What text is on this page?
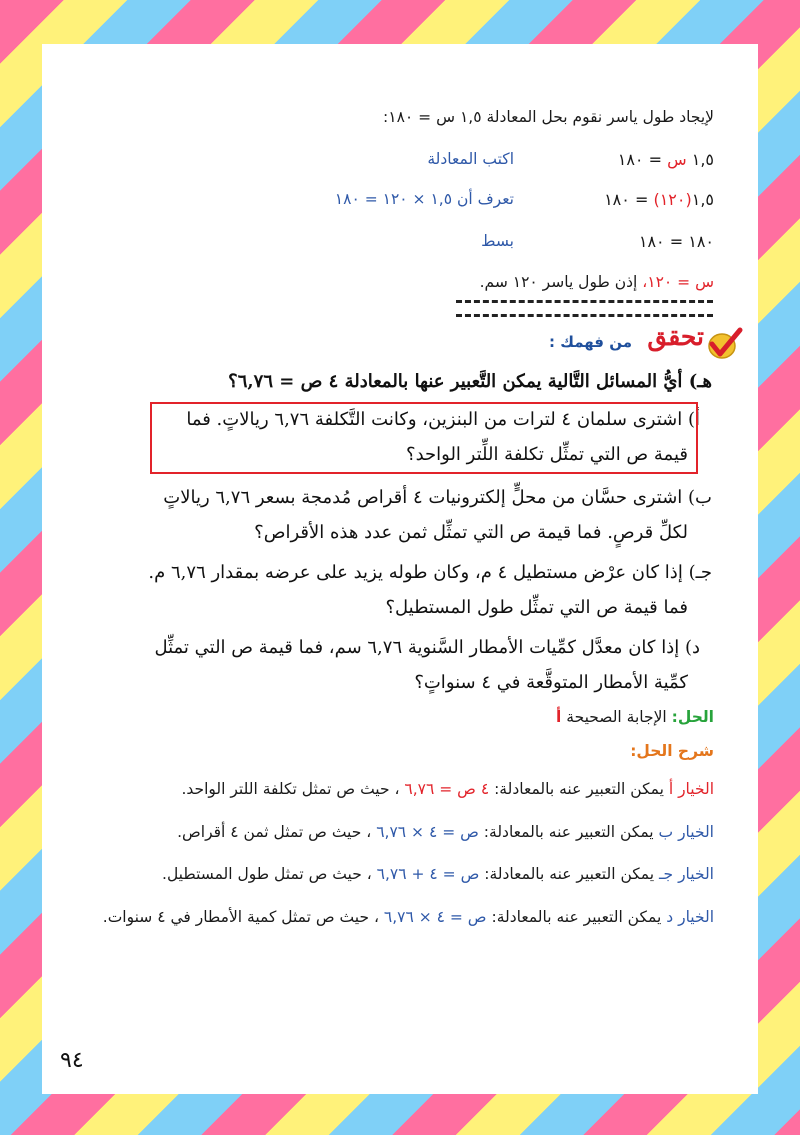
لإيجاد طول ياسر نقوم بحل المعادلة ١,٥ س = ١٨٠:
١,٥ س = ١٨٠
اكتب المعادلة
١,٥(١٢٠) = ١٨٠
تعرف أن ١,٥ × ١٢٠ = ١٨٠
١٨٠ = ١٨٠
بسط
س = ١٢٠، إذن طول ياسر ١٢٠ سم.
تحقق
من فهمك :
هـ) أيُّ المسائل التَّالية يمكن التَّعبير عنها بالمعادلة ٤ ص = ٦,٧٦؟
أ) اشترى سلمان ٤ لترات من البنزين، وكانت التَّكلفة ٦,٧٦ ريالاتٍ. فما
قيمة ص التي تمثِّل تكلفة اللِّتر الواحد؟
ب) اشترى حسَّان من محلٍّ إلكترونيات ٤ أقراص مُدمجة بسعر ٦,٧٦ ريالاتٍ
لكلِّ قرصٍ. فما قيمة ص التي تمثِّل ثمن عدد هذه الأقراص؟
جـ) إذا كان عرْض مستطيل ٤ م، وكان طوله يزيد على عرضه بمقدار ٦,٧٦ م.
فما قيمة ص التي تمثِّل طول المستطيل؟
د) إذا كان معدَّل كمِّيات الأمطار السَّنوية ٦,٧٦ سم، فما قيمة ص التي تمثِّل
كمِّية الأمطار المتوقَّعة في ٤ سنواتٍ؟
الحل: الإجابة الصحيحة أ
شرح الحل:
الخيار أ يمكن التعبير عنه بالمعادلة: ٤ ص = ٦,٧٦ ، حيث ص تمثل تكلفة اللتر الواحد.
الخيار ب يمكن التعبير عنه بالمعادلة: ص = ٤ × ٦,٧٦ ، حيث ص تمثل ثمن ٤ أقراص.
الخيار جـ يمكن التعبير عنه بالمعادلة: ص = ٤ + ٦,٧٦ ، حيث ص تمثل طول المستطيل.
الخيار د يمكن التعبير عنه بالمعادلة: ص = ٤ × ٦,٧٦ ، حيث ص تمثل كمية الأمطار في ٤ سنوات.
٩٤
